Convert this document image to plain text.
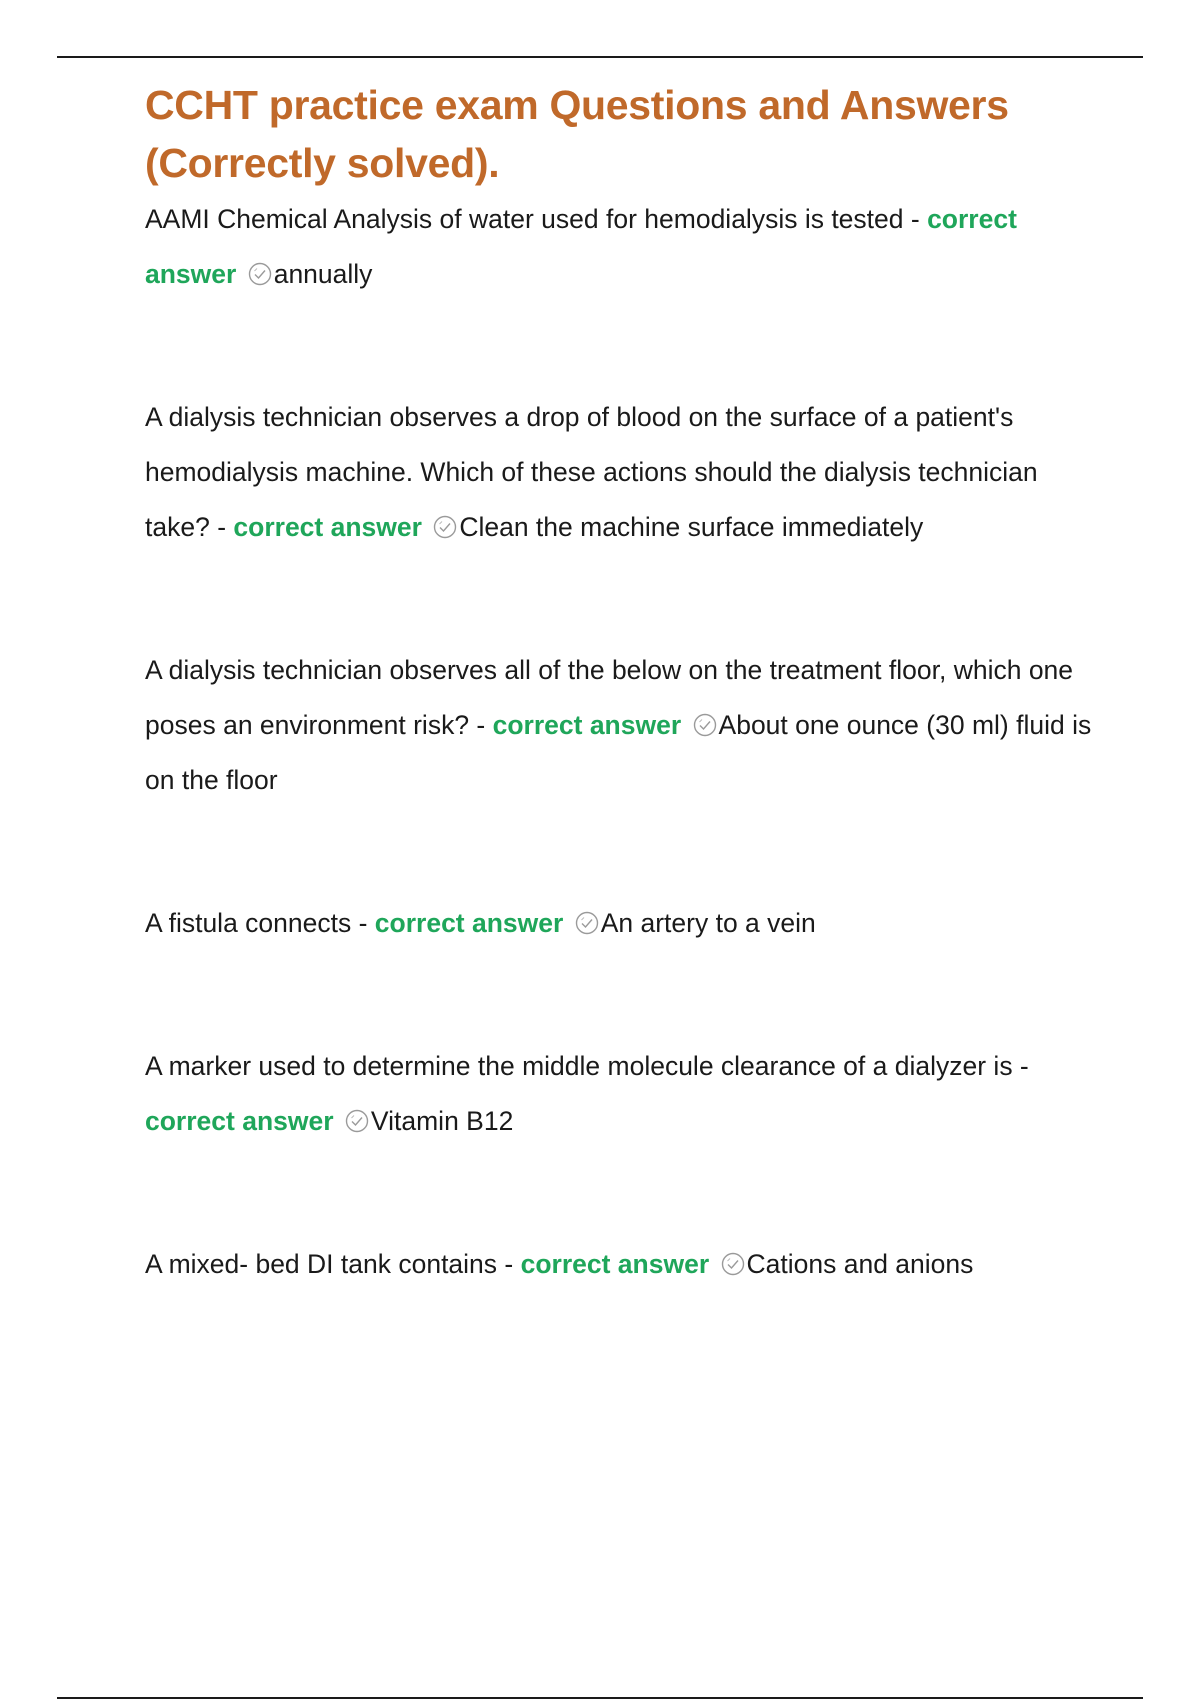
CCHT practice exam Questions and Answers (Correctly solved).

AAMI Chemical Analysis of water used for hemodialysis is tested - correct answer annually

A dialysis technician observes a drop of blood on the surface of a patient's hemodialysis machine. Which of these actions should the dialysis technician take? - correct answer Clean the machine surface immediately

A dialysis technician observes all of the below on the treatment floor, which one poses an environment risk? - correct answer About one ounce (30 ml) fluid is on the floor

A fistula connects - correct answer An artery to a vein

A marker used to determine the middle molecule clearance of a dialyzer is - correct answer Vitamin B12

A mixed- bed DI tank contains - correct answer Cations and anions
